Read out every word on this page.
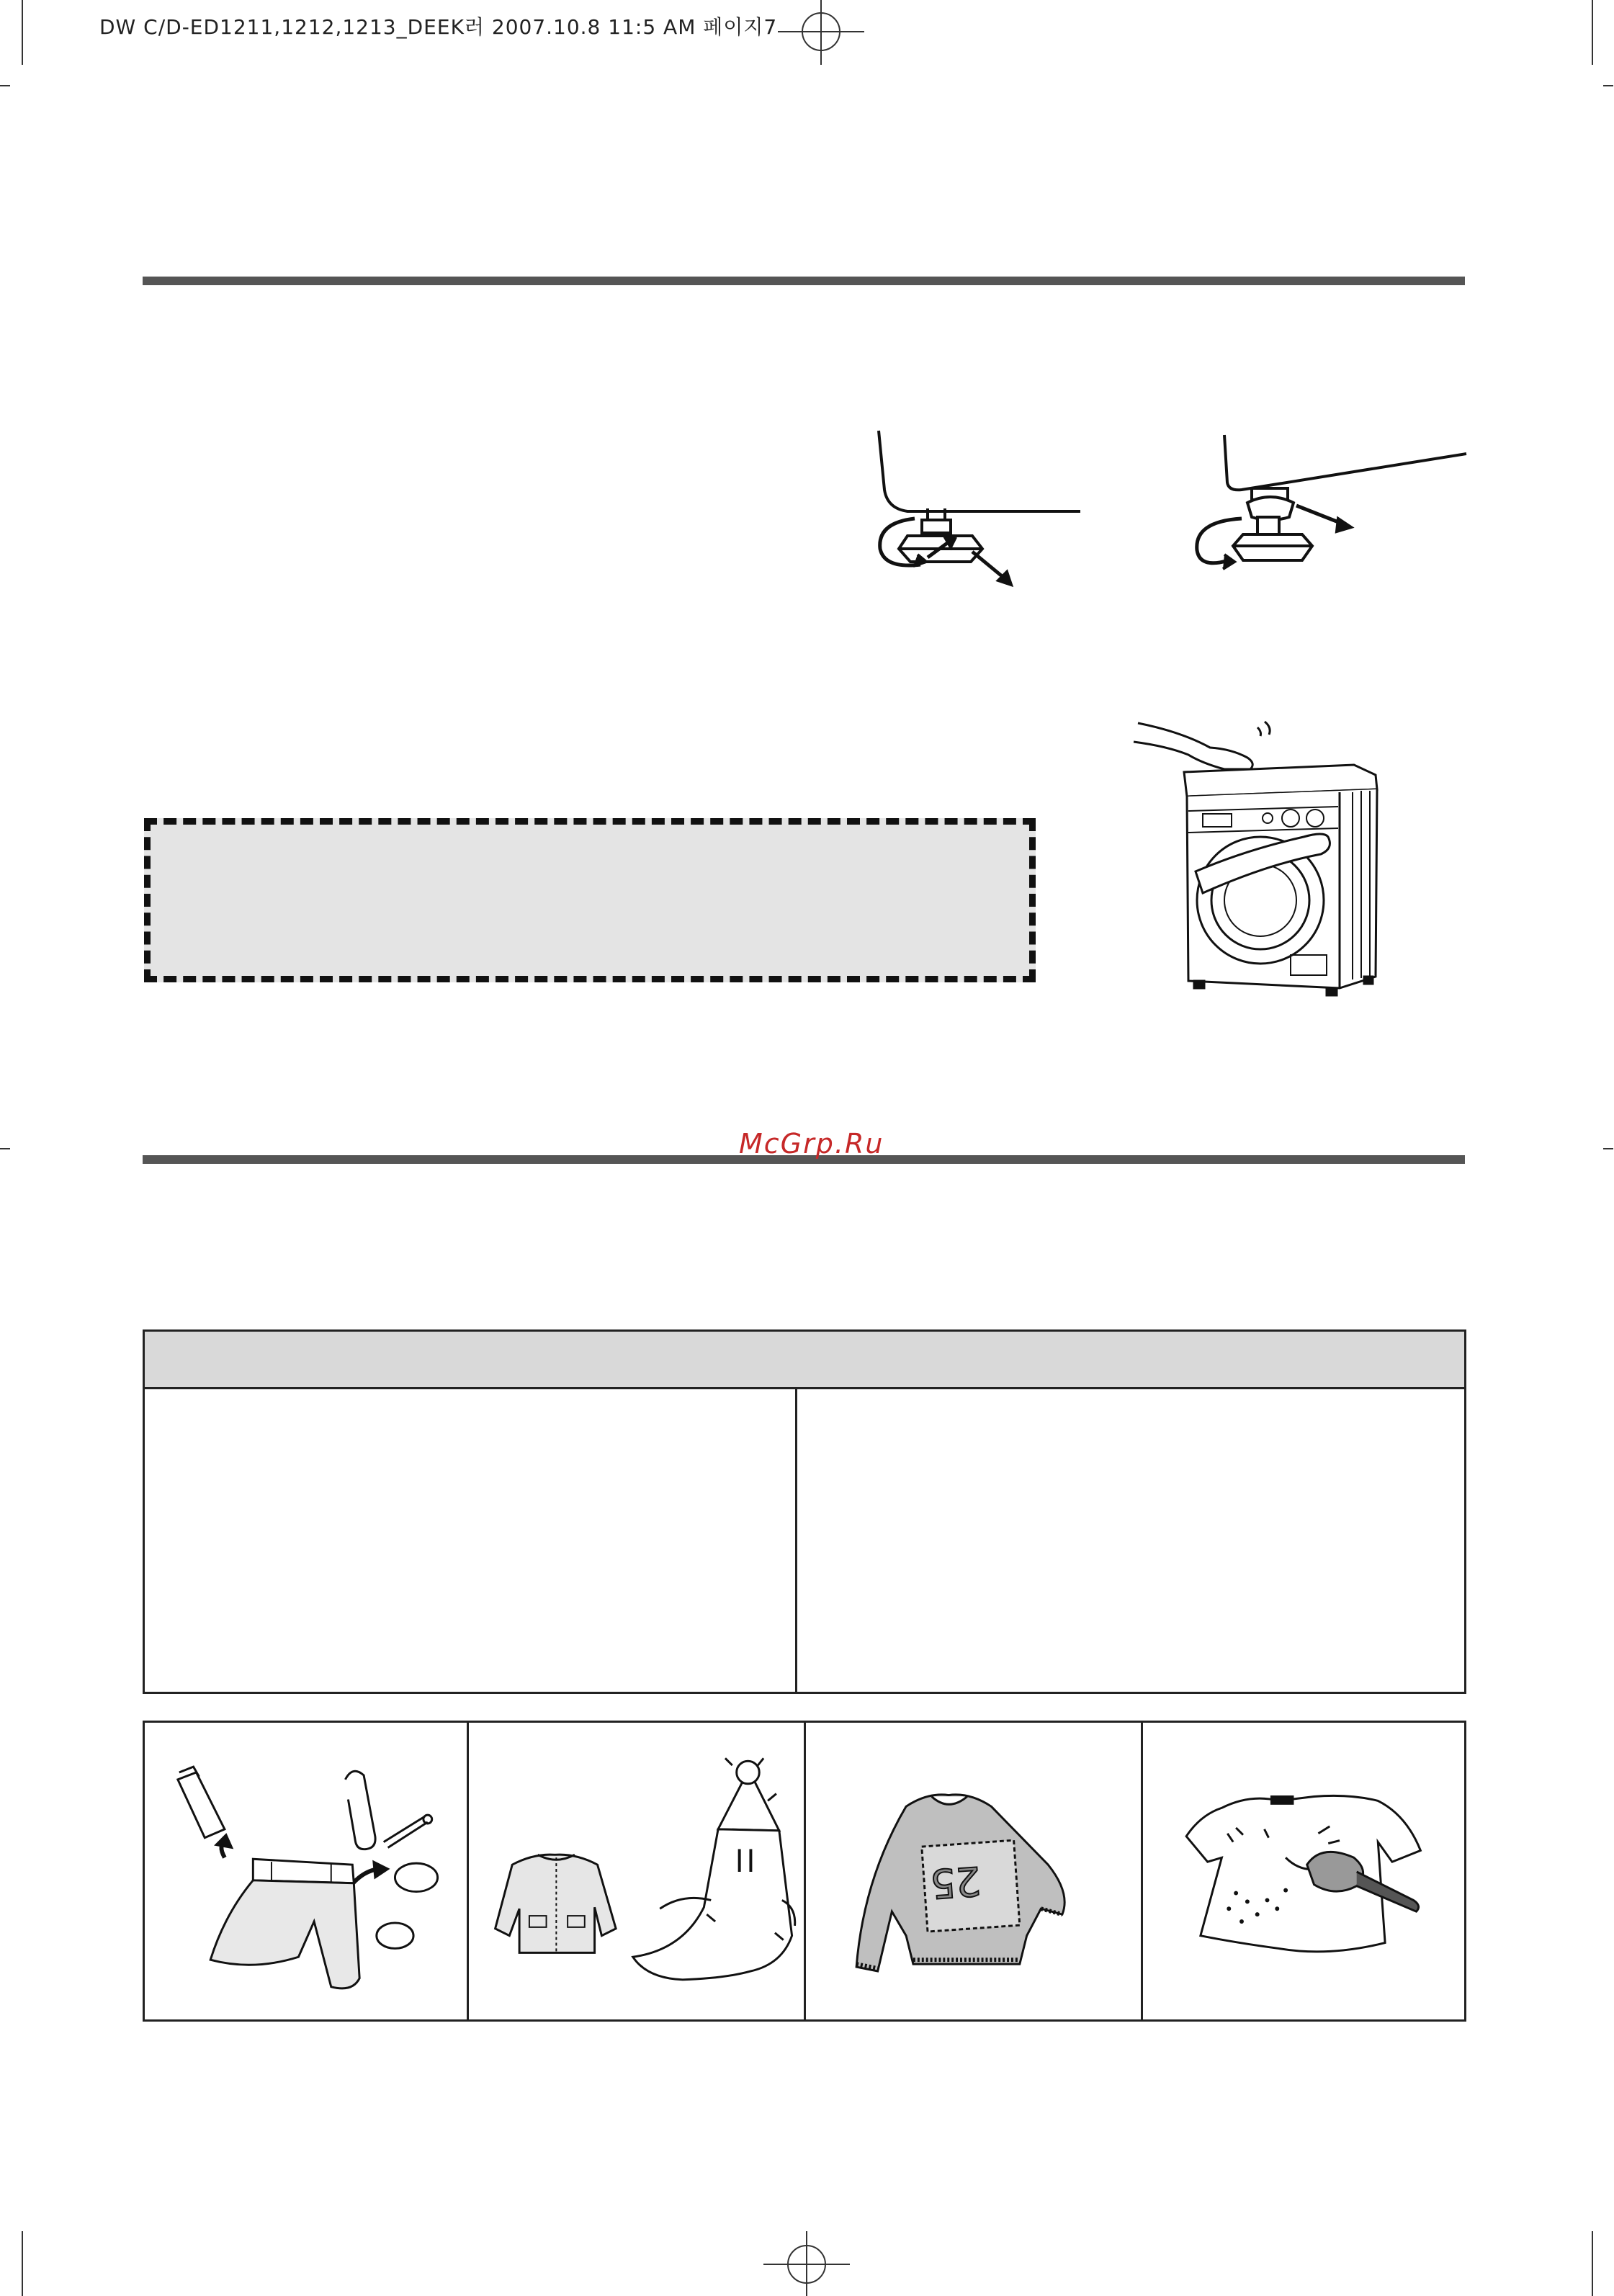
DW C/D-ED1211,1212,1213_DEEK러 2007.10.8 11:5 AM 페이지7
McGrp.Ru
25
